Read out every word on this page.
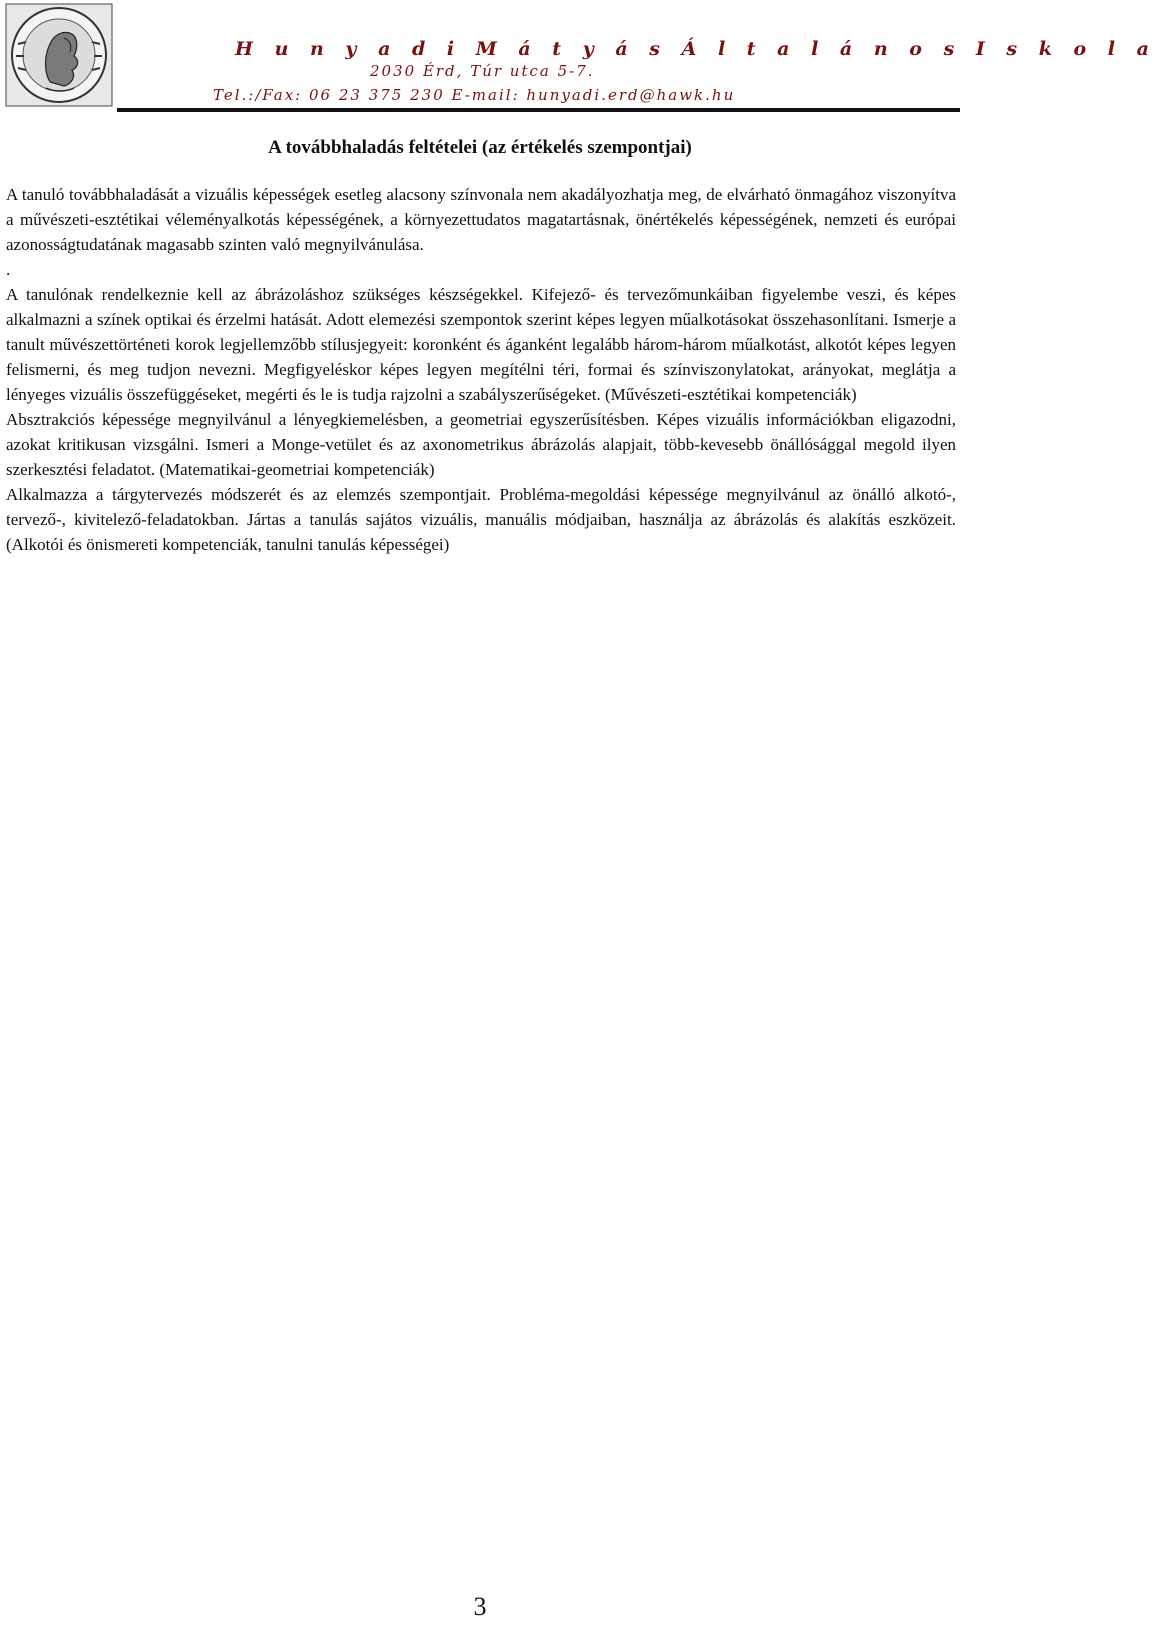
H u n y a d i M á t y á s Á l t a l á n o s I s k o l a
2030 Érd, Túr utca 5-7.
Tel.:/Fax: 06 23 375 230 E-mail: hunyadi.erd@hawk.hu
A továbbhaladás feltételei (az értékelés szempontjai)

A tanuló továbbhaladását a vizuális képességek esetleg alacsony színvonala nem akadályozhatja meg, de elvárható önmagához viszonyítva a művészeti-esztétikai véleményalkotás képességének, a környezettudatos magatartásnak, önértékelés képességének, nemzeti és európai azonosságtudatának magasabb szinten való megnyilvánulása.

.

A tanulónak rendelkeznie kell az ábrázoláshoz szükséges készségekkel. Kifejező- és tervezőmunkáiban figyelembe veszi, és képes alkalmazni a színek optikai és érzelmi hatását. Adott elemezési szempontok szerint képes legyen műalkotásokat összehasonlítani. Ismerje a tanult művészettörténeti korok legjellemzőbb stílusjegyeit: koronként és áganként legalább három-három műalkotást, alkotót képes legyen felismerni, és meg tudjon nevezni. Megfigyeléskor képes legyen megítélni téri, formai és színviszonylatokat, arányokat, meglátja a lényeges vizuális összefüggéseket, megérti és le is tudja rajzolni a szabályszerűségeket. (Művészeti-esztétikai kompetenciák)

Absztrakciós képessége megnyilvánul a lényegkiemelésben, a geometriai egyszerűsítésben. Képes vizuális információkban eligazodni, azokat kritikusan vizsgálni. Ismeri a Monge-vetület és az axonometrikus ábrázolás alapjait, több-kevesebb önállósággal megold ilyen szerkesztési feladatot. (Matematikai-geometriai kompetenciák)

Alkalmazza a tárgytervezés módszerét és az elemzés szempontjait. Probléma-megoldási képessége megnyilvánul az önálló alkotó-, tervező-, kivitelező-feladatokban. Jártas a tanulás sajátos vizuális, manuális módjaiban, használja az ábrázolás és alakítás eszközeit. (Alkotói és önismereti kompetenciák, tanulni tanulás képességei)

3
